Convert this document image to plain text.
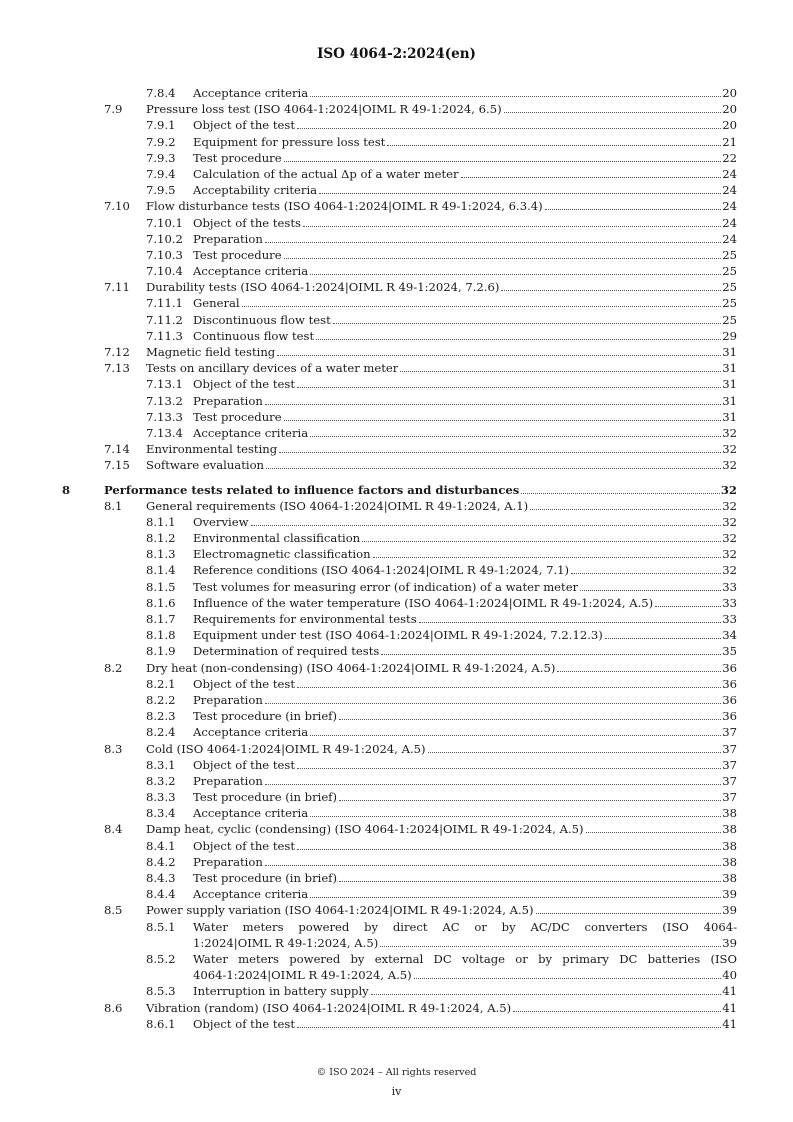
ISO 4064-2:2024(en)
7.8.4 Acceptance criteria	20
7.9 Pressure loss test (ISO 4064-1:2024|OIML R 49-1:2024, 6.5)	20
7.9.1 Object of the test	20
7.9.2 Equipment for pressure loss test	21
7.9.3 Test procedure	22
7.9.4 Calculation of the actual Δp of a water meter	24
7.9.5 Acceptability criteria	24
7.10 Flow disturbance tests (ISO 4064-1:2024|OIML R 49-1:2024, 6.3.4)	24
7.10.1 Object of the tests	24
7.10.2 Preparation	24
7.10.3 Test procedure	25
7.10.4 Acceptance criteria	25
7.11 Durability tests (ISO 4064-1:2024|OIML R 49-1:2024, 7.2.6)	25
7.11.1 General	25
7.11.2 Discontinuous flow test	25
7.11.3 Continuous flow test	29
7.12 Magnetic field testing	31
7.13 Tests on ancillary devices of a water meter	31
7.13.1 Object of the test	31
7.13.2 Preparation	31
7.13.3 Test procedure	31
7.13.4 Acceptance criteria	32
7.14 Environmental testing	32
7.15 Software evaluation	32
8	Performance tests related to influence factors and disturbances	32
8.1 General requirements (ISO 4064-1:2024|OIML R 49-1:2024, A.1)	32
8.1.1 Overview	32
8.1.2 Environmental classification	32
8.1.3 Electromagnetic classification	32
8.1.4 Reference conditions (ISO 4064-1:2024|OIML R 49-1:2024, 7.1)	32
8.1.5 Test volumes for measuring error (of indication) of a water meter	33
8.1.6 Influence of the water temperature (ISO 4064-1:2024|OIML R 49-1:2024, A.5)	33
8.1.7 Requirements for environmental tests	33
8.1.8 Equipment under test (ISO 4064-1:2024|OIML R 49-1:2024, 7.2.12.3)	34
8.1.9 Determination of required tests	35
8.2 Dry heat (non-condensing) (ISO 4064-1:2024|OIML R 49-1:2024, A.5)	36
8.2.1 Object of the test	36
8.2.2 Preparation	36
8.2.3 Test procedure (in brief)	36
8.2.4 Acceptance criteria	37
8.3 Cold (ISO 4064-1:2024|OIML R 49-1:2024, A.5)	37
8.3.1 Object of the test	37
8.3.2 Preparation	37
8.3.3 Test procedure (in brief)	37
8.3.4 Acceptance criteria	38
8.4 Damp heat, cyclic (condensing) (ISO 4064-1:2024|OIML R 49-1:2024, A.5)	38
8.4.1 Object of the test	38
8.4.2 Preparation	38
8.4.3 Test procedure (in brief)	38
8.4.4 Acceptance criteria	39
8.5 Power supply variation (ISO 4064-1:2024|OIML R 49-1:2024, A.5)	39
8.5.1 Water meters powered by direct AC or by AC/DC converters (ISO 4064-
1:2024|OIML R 49-1:2024, A.5)	39
8.5.2 Water meters powered by external DC voltage or by primary DC batteries (ISO
4064-1:2024|OIML R 49-1:2024, A.5)	40
8.5.3 Interruption in battery supply	41
8.6 Vibration (random) (ISO 4064-1:2024|OIML R 49-1:2024, A.5)	41
8.6.1 Object of the test	41
© ISO 2024 – All rights reserved
iv
